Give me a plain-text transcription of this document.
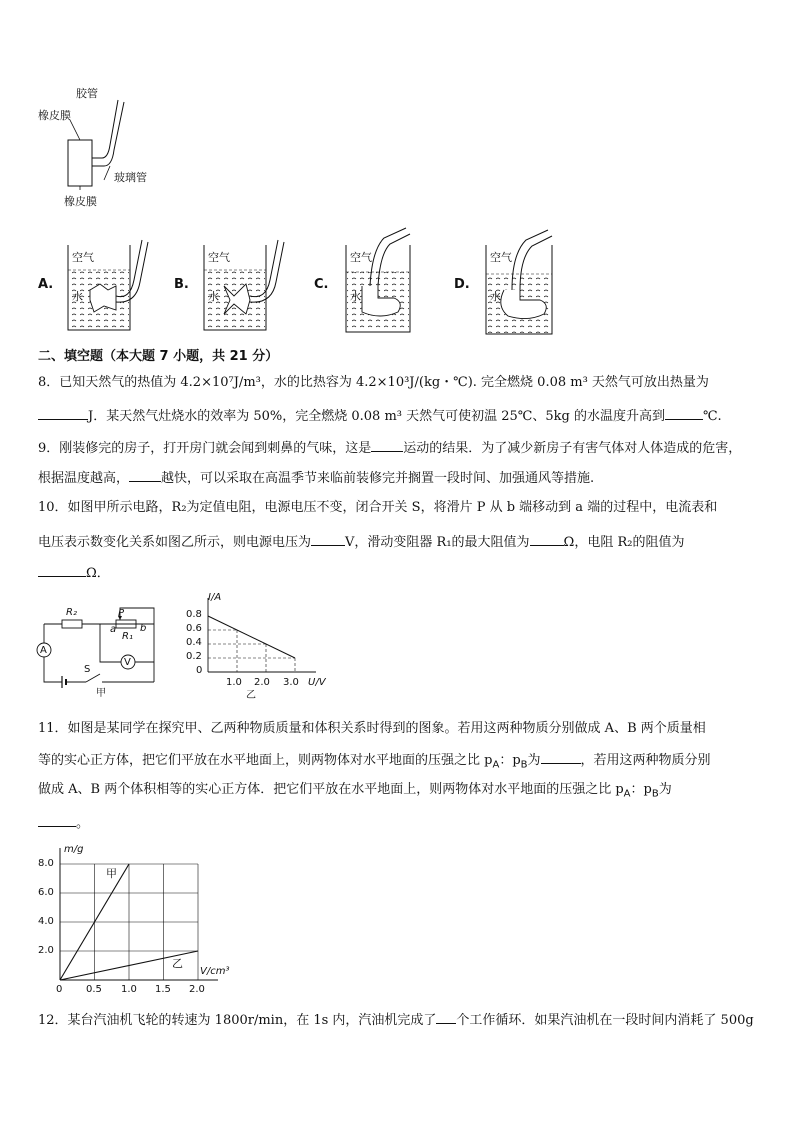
胶管
橡皮膜
玻璃管
橡皮膜
A.
空气
水
B.
空气
水
C.
空气
水
D.
空气
水
二、填空题（本大题 7 小题，共 21 分）
8．已知天然气的热值为 4.2×10⁷J/m³，水的比热容为 4.2×10³J/(kg・℃). 完全燃烧 0.08 m³ 天然气可放出热量为
J．某天然气灶烧水的效率为 50%，完全燃烧 0.08 m³ 天然气可使初温 25℃、5kg 的水温度升高到	℃.
9．刚装修完的房子，打开房门就会闻到刺鼻的气味，这是 运动的结果．为了减少新房子有害气体对人体造成的危害，
根据温度越高， 越快，可以采取在高温季节来临前装修完并搁置一段时间、加强通风等措施.
10．如图甲所示电路，R₂为定值电阻，电源电压不变，闭合开关 S，将滑片 P 从 b 端移动到 a 端的过程中，电流表和
电压表示数变化关系如图乙所示，则电源电压为	V，滑动变阻器 R₁的最大阻值为	Ω，电阻 R₂的阻值为
Ω．
R₂	P
a b
R₁
A
V
S
甲
I/A
U/V
乙
0.8
0.6
0.4
0.2
0
1.0 2.0 3.0
11．如图是某同学在探究甲、乙两种物质质量和体积关系时得到的图象。若用这两种物质分别做成 A、B 两个质量相
等的实心正方体，把它们平放在水平地面上，则两物体对水平地面的压强之比 $p_A$：$p_B$为	，若用这两种物质分别
做成 A、B 两个体积相等的实心正方体．把它们平放在水平地面上，则两物体对水平地面的压强之比 $p_A$：$p_B$为
。
m/g
V/cm³
8.0
6.0
4.0
2.0
0 0.5 1.0 1.5 2.0
甲
乙
12．某台汽油机飞轮的转速为 1800r/min，在 1s 内，汽油机完成了 个工作循环．如果汽油机在一段时间内消耗了 500g
